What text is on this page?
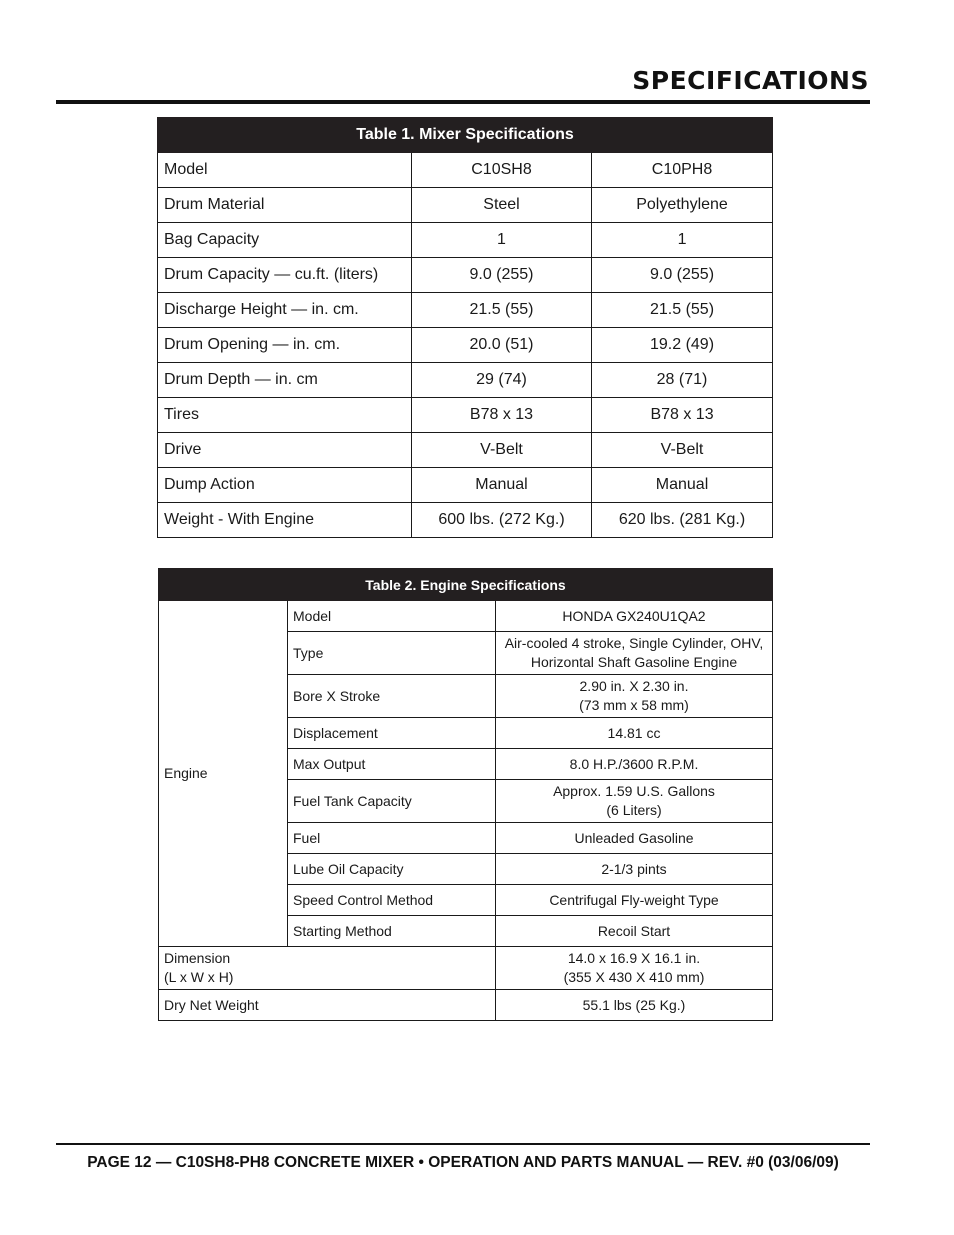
SPECIFICATIONS
Table 1. Mixer Specifications		
Model	C10SH8	C10PH8
Drum Material	Steel	Polyethylene
Bag Capacity	1	1
Drum Capacity — cu.ft. (liters)	9.0 (255)	9.0 (255)
Discharge Height — in. cm.	21.5 (55)	21.5 (55)
Drum Opening — in. cm.	20.0 (51)	19.2 (49)
Drum Depth — in. cm	29 (74)	28 (71)
Tires	B78 x 13	B78 x 13
Drive	V-Belt	V-Belt
Dump Action	Manual	Manual
Weight - With Engine	600 lbs. (272 Kg.)	620 lbs. (281 Kg.)
Table 2. Engine Specifications		
Engine	Model	HONDA GX240U1QA2

	Type	Air-cooled 4 stroke, Single Cylinder, OHV,
Horizontal Shaft Gasoline Engine

	Bore X Stroke	2.90 in. X 2.30 in.
(73 mm x 58 mm)

	Displacement	14.81 cc

	Max Output	8.0 H.P./3600 R.P.M.

	Fuel Tank Capacity	Approx. 1.59 U.S. Gallons
(6 Liters)

	Fuel	Unleaded Gasoline

	Lube Oil Capacity	2-1/3 pints

	Speed Control Method	Centrifugal Fly-weight Type

	Starting Method	Recoil Start

Dimension
(L x W x H)		14.0 x 16.9 X 16.1 in.
(355 X 430 X 410 mm)

Dry Net Weight		55.1 lbs (25 Kg.)
PAGE 12 — C10SH8-PH8 CONCRETE MIXER • OPERATION AND PARTS MANUAL — REV. #0 (03/06/09)
